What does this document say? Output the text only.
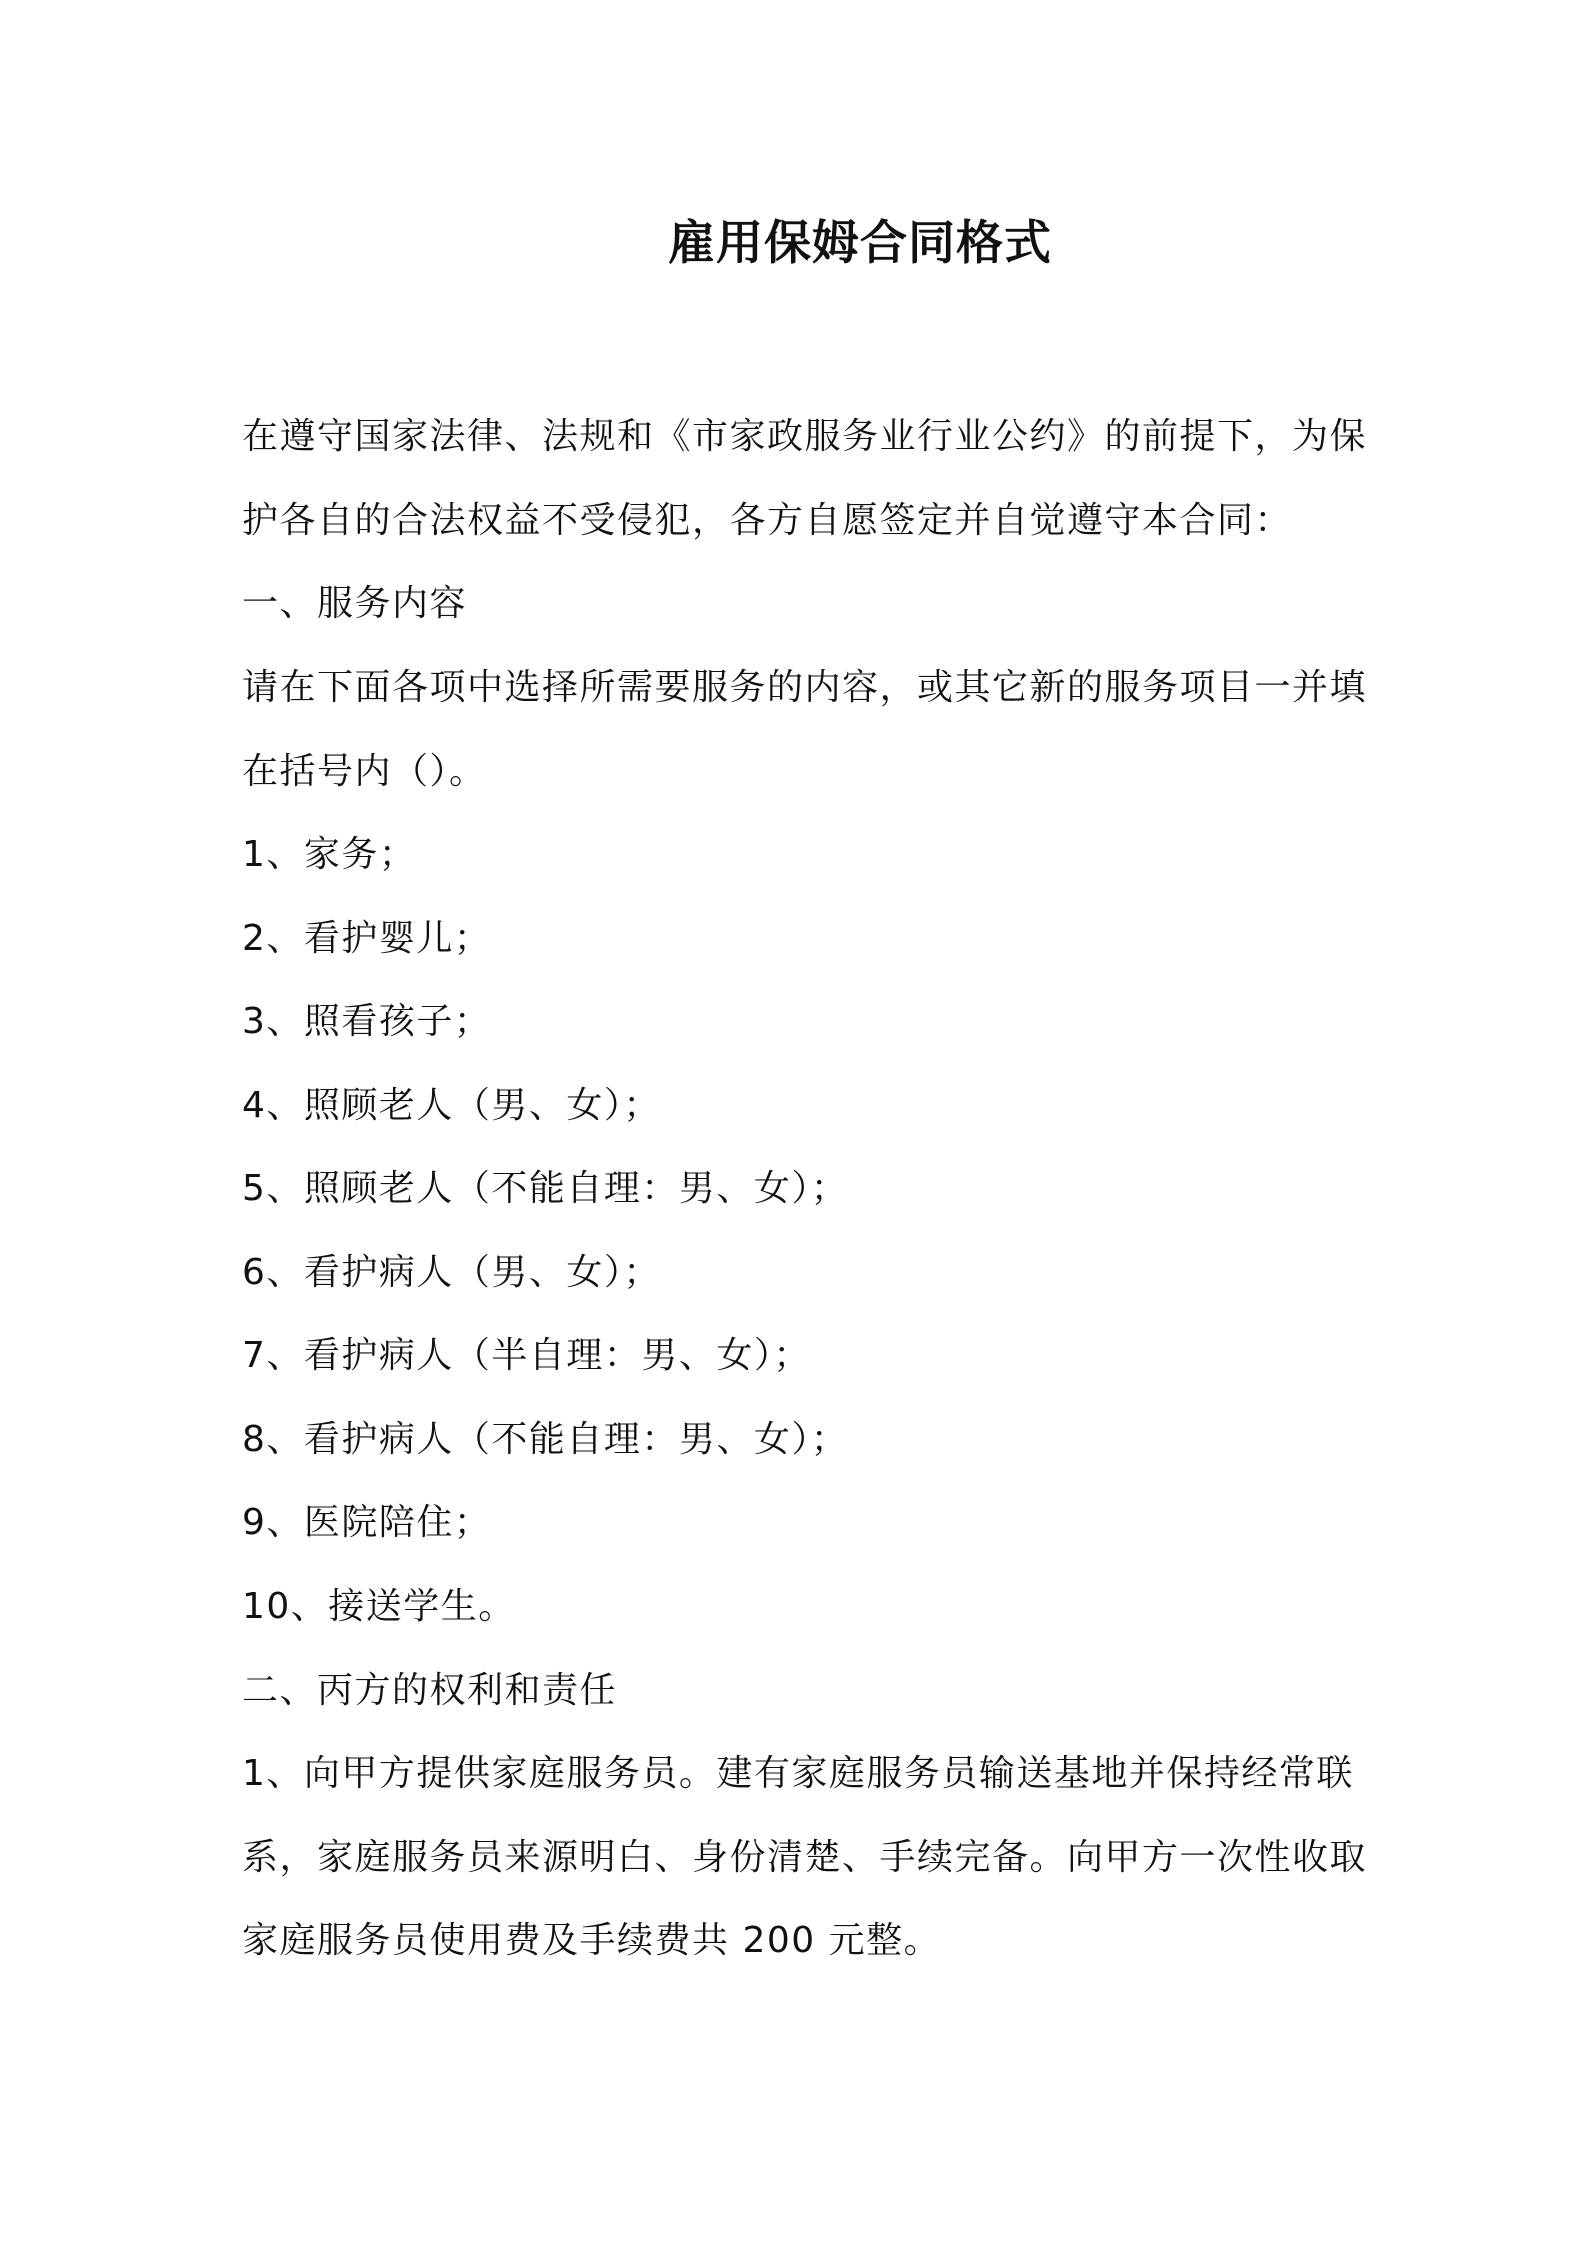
雇用保姆合同格式
在遵守国家法律、法规和《市家政服务业行业公约》的前提下，为保
护各自的合法权益不受侵犯，各方自愿签定并自觉遵守本合同：
一、服务内容
请在下面各项中选择所需要服务的内容，或其它新的服务项目一并填
在括号内（）。
1、家务；
2、看护婴儿；
3、照看孩子；
4、照顾老人（男、女）；
5、照顾老人（不能自理：男、女）；
6、看护病人（男、女）；
7、看护病人（半自理：男、女）；
8、看护病人（不能自理：男、女）；
9、医院陪住；
10、接送学生。
二、丙方的权利和责任
1、向甲方提供家庭服务员。建有家庭服务员输送基地并保持经常联
系，家庭服务员来源明白、身份清楚、手续完备。向甲方一次性收取
家庭服务员使用费及手续费共 200 元整。
